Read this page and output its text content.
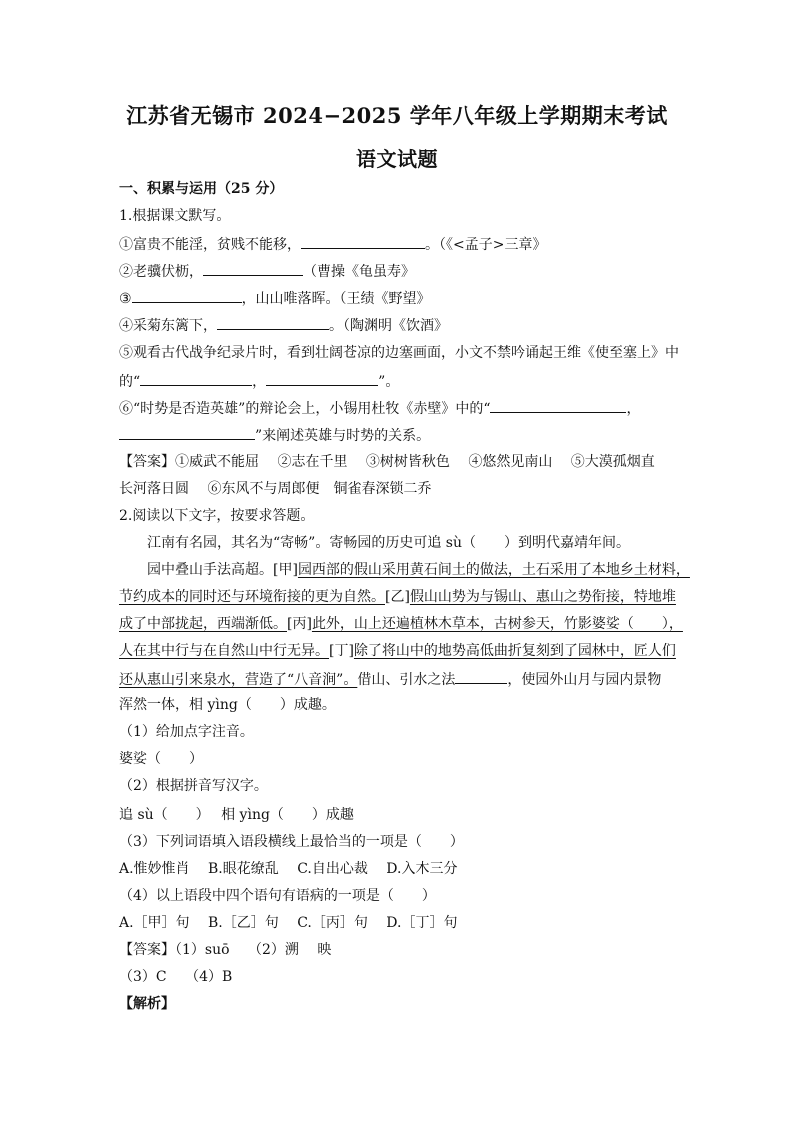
江苏省无锡市 2024−2025 学年八年级上学期期末考试
语文试题
一、积累与运用（25 分）
1.根据课文默写。
①富贵不能淫，贫贱不能移，	。（《<孟子>三章》
②老骥伏枥，	（曹操《龟虽寿》
③	，山山唯落晖。（王绩《野望》
④采菊东篱下，	。（陶渊明《饮酒》
⑤观看古代战争纪录片时，看到壮阔苍凉的边塞画面，小文不禁吟诵起王维《使至塞上》中
的“	，	”。
⑥“时势是否造英雄”的辩论会上，小锡用杜牧《赤壁》中的“	，
”来阐述英雄与时势的关系。
【答案】①威武不能屈　 ②志在千里　 ③树树皆秋色　 ④悠然见南山　 ⑤大漠孤烟直
长河落日圆　 ⑥东风不与周郎便　铜雀春深锁二乔
2.阅读以下文字，按要求答题。
江南有名园，其名为“寄畅”。寄畅园的历史可追 sù（　　）到明代嘉靖年间。
园中叠山手法高超。[甲]园西部的假山采用黄石间土的做法，土石采用了本地乡土材料，
节约成本的同时还与环境衔接的更为自然。[乙]假山山势为与锡山、惠山之势衔接，特地堆
成了中部拢起，西端渐低。[丙]此外，山上还遍植林木草本，古树参天，竹影婆娑（　　），
人在其中行与在自然山中行无异。[丁]除了将山中的地势高低曲折复刻到了园林中，匠人们
还从惠山引来泉水，营造了“八音涧”。借山、引水之法	，使园外山月与园内景物
浑然一体，相 yìng（　　）成趣。
（1）给加点字注音。
婆娑（　　）
（2）根据拼音写汉字。
追 sù（　　）　 相 yìng（　　）成趣
（3）下列词语填入语段横线上最恰当的一项是（　　）
A.惟妙惟肖　 B.眼花缭乱　 C.自出心裁　 D.入木三分
（4）以上语段中四个语句有语病的一项是（　　）
A.［甲］句　 B.［乙］句　 C.［丙］句　 D.［丁］句
【答案】（1）suō　 （2）溯　 映
（3）C　 （4）B
【解析】
